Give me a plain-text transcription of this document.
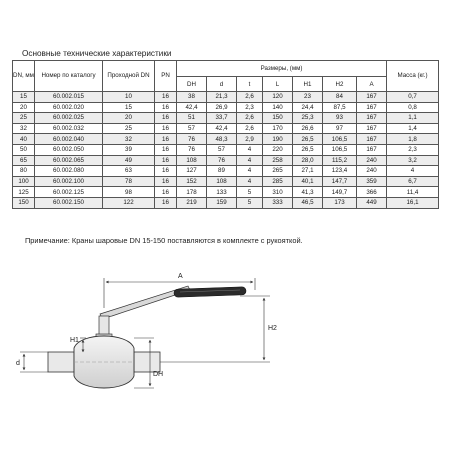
Основные технические характеристики
DN, мм	Номер по каталогу	Проходной DN	PN	Размеры, (мм)							Масса (кг.)
				DH	d	t	L	H1	H2	A	
15	60.002.015	10	16	38	21,3	2,6	120	23	84	167	0,7
20	60.002.020	15	16	42,4	26,9	2,3	140	24,4	87,5	167	0,8
25	60.002.025	20	16	51	33,7	2,6	150	25,3	93	167	1,1
32	60.002.032	25	16	57	42,4	2,6	170	26,6	97	167	1,4
40	60.002.040	32	16	76	48,3	2,9	190	26,5	106,5	167	1,8
50	60.002.050	39	16	76	57	4	220	26,5	106,5	167	2,3
65	60.002.065	49	16	108	76	4	258	28,0	115,2	240	3,2
80	60.002.080	63	16	127	89	4	265	27,1	123,4	240	4
100	60.002.100	78	16	152	108	4	285	40,1	147,7	359	6,7
125	60.002.125	98	16	178	133	5	310	41,3	149,7	366	11,4
150	60.002.150	122	16	219	159	5	333	46,5	173	449	16,1
Примечание: Краны шаровые DN 15-150 поставляются в комплекте с рукояткой.
A
H1
H2
d
DH
